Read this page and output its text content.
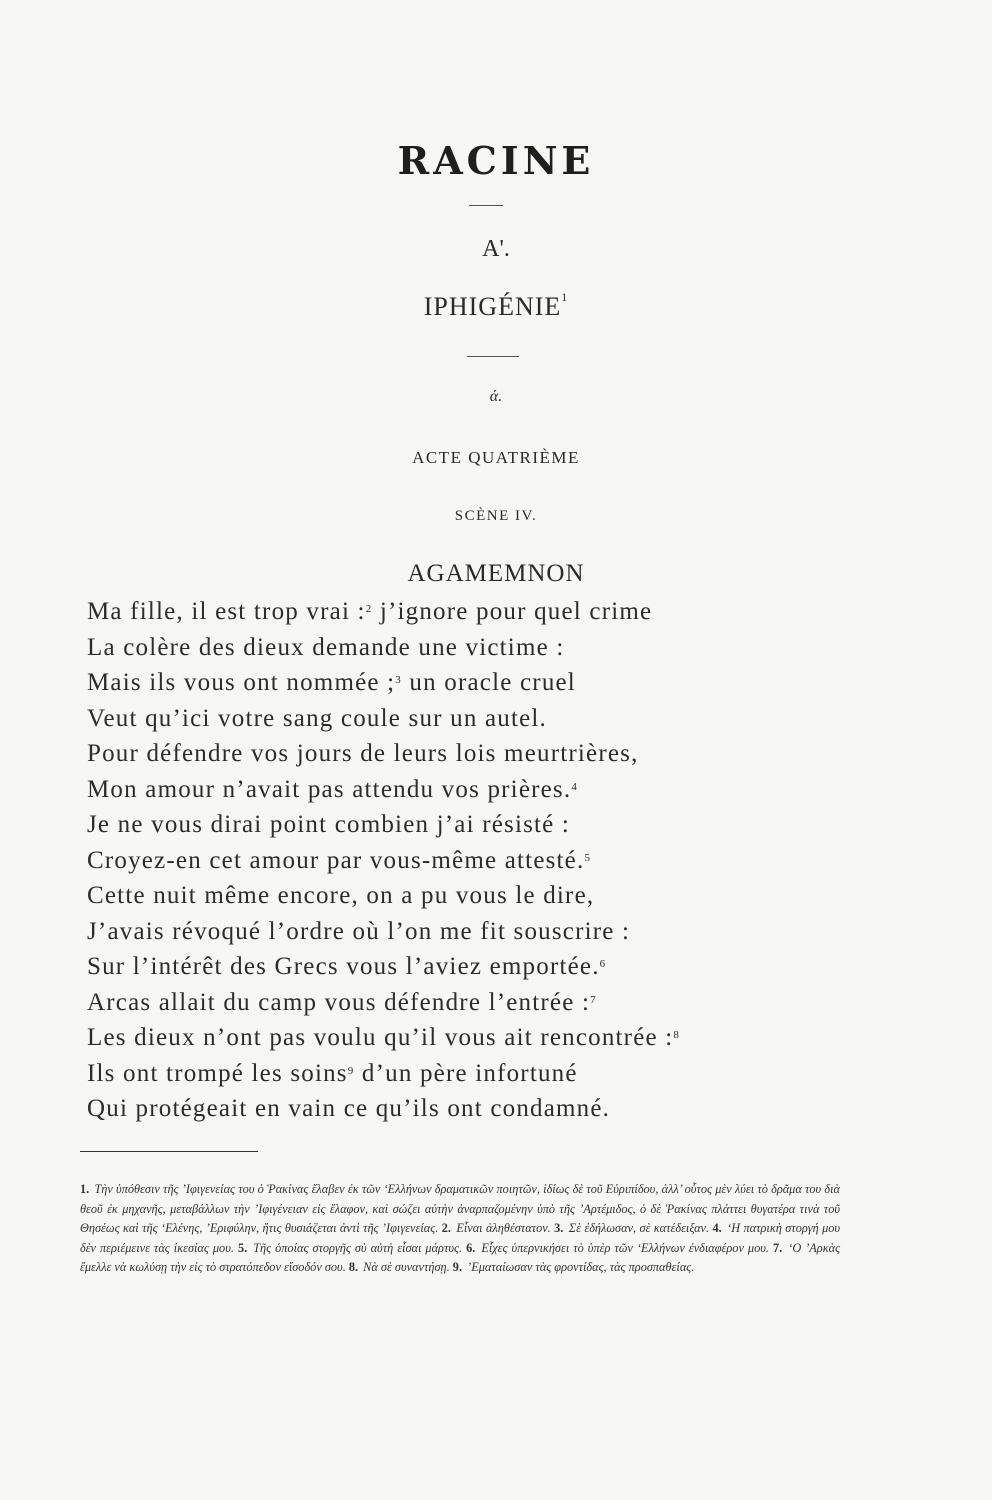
RACINE
A'.
IPHIGÉNIE$^1$
ά.
ACTE QUATRIÈME
SCÈNE IV.
AGAMEMNON
Ma fille, il est trop vrai :$^2$ j’ignore pour quel crime
La colère des dieux demande une victime :
Mais ils vous ont nommée ;$^3$ un oracle cruel
Veut qu’ici votre sang coule sur un autel.
Pour défendre vos jours de leurs lois meurtrières,
Mon amour n’avait pas attendu vos prières.$^4$
Je ne vous dirai point combien j’ai résisté :
Croyez-en cet amour par vous-même attesté.$^5$
Cette nuit même encore, on a pu vous le dire,
J’avais révoqué l’ordre où l’on me fit souscrire :
Sur l’intérêt des Grecs vous l’aviez emportée.$^6$
Arcas allait du camp vous défendre l’entrée :$^7$
Les dieux n’ont pas voulu qu’il vous ait rencontrée :$^8$
Ils ont trompé les soins$^9$ d’un père infortuné
Qui protégeait en vain ce qu’ils ont condamné.
1. Τὴν ὑπόθεσιν τῆς ’Ιφιγενείας του ὁ Ῥακίνας ἔλαβεν ἐκ τῶν ‘Ελλήνων δραματικῶν ποιητῶν, ἰδίως δὲ τοῦ Εὐριπίδου, ἀλλ’ οὗτος μὲν λύει τὸ δρᾶμα του διὰ θεοῦ ἐκ μηχανῆς, μεταβάλλων τὴν ’Ιφιγένειαν εἰς ἔλαφον, καὶ σώζει αὐτὴν ἀναρπαζομένην ὑπὸ τῆς ’Αρτέμιδος, ὁ δὲ Ῥακίνας πλάττει θυγατέρα τινὰ τοῦ Θησέως καὶ τῆς ‘Ελένης, ’Εριφύλην, ἥτις θυσιάζεται ἀντὶ τῆς ’Ιφιγενείας. 2. Εἶναι ἀληθέστατον. 3. Σὲ ἐδήλωσαν, σὲ κατέδειξαν. 4. ‘Η πατρικὴ στοργή μου δὲν περιέμεινε τὰς ἱκεσίας μου. 5. Τῆς ὁποίας στοργῆς σὺ αὐτὴ εἶσαι μάρτυς. 6. Εἶχες ὑπερνικήσει τὸ ὑπὲρ τῶν ‘Ελλήνων ἐνδιαφέρον μου. 7. ‘Ο ’Αρκὰς ἔμελλε νὰ κωλύσῃ τὴν εἰς τὸ στρατόπεδον εἴσοδόν σου. 8. Νὰ σὲ συναντήσῃ. 9. ’Εματαίωσαν τὰς φροντίδας, τὰς προσπαθείας.
